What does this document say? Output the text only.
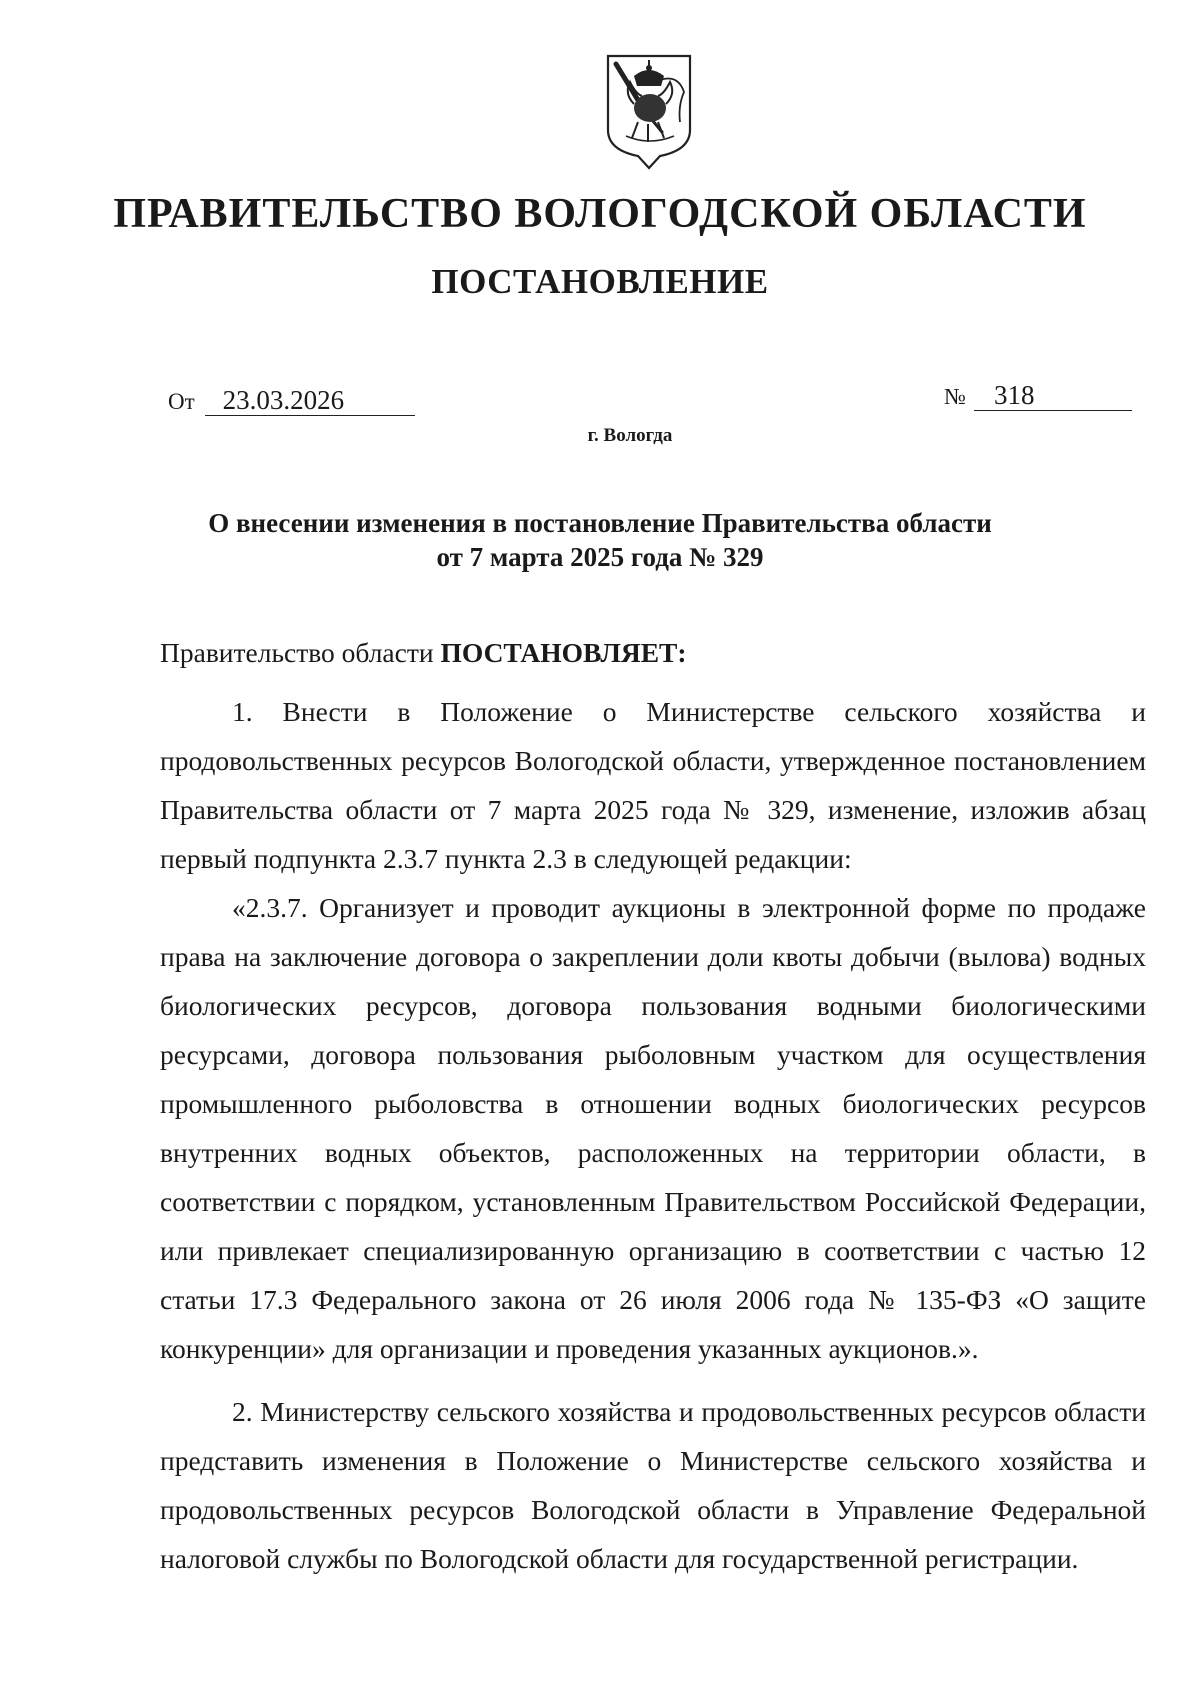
ПРАВИТЕЛЬСТВО ВОЛОГОДСКОЙ ОБЛАСТИ
ПОСТАНОВЛЕНИЕ
От 23.03.2026	№ 318
г. Вологда
О внесении изменения в постановление Правительства области
от 7 марта 2025 года № 329

Правительство области ПОСТАНОВЛЯЕТ:

1. Внести в Положение о Министерстве сельского хозяйства и продовольственных ресурсов Вологодской области, утвержденное постановлением Правительства области от 7 марта 2025 года № 329, изменение, изложив абзац первый подпункта 2.3.7 пункта 2.3 в следующей редакции:

«2.3.7. Организует и проводит аукционы в электронной форме по продаже права на заключение договора о закреплении доли квоты добычи (вылова) водных биологических ресурсов, договора пользования водными биологическими ресурсами, договора пользования рыболовным участком для осуществления промышленного рыболовства в отношении водных биологических ресурсов внутренних водных объектов, расположенных на территории области, в соответствии с порядком, установленным Правительством Российской Федерации, или привлекает специализированную организацию в соответствии с частью 12 статьи 17.3 Федерального закона от 26 июля 2006 года № 135-ФЗ «О защите конкуренции» для организации и проведения указанных аукционов.».

2. Министерству сельского хозяйства и продовольственных ресурсов области представить изменения в Положение о Министерстве сельского хозяйства и продовольственных ресурсов Вологодской области в Управление Федеральной налоговой службы по Вологодской области для государственной регистрации.
